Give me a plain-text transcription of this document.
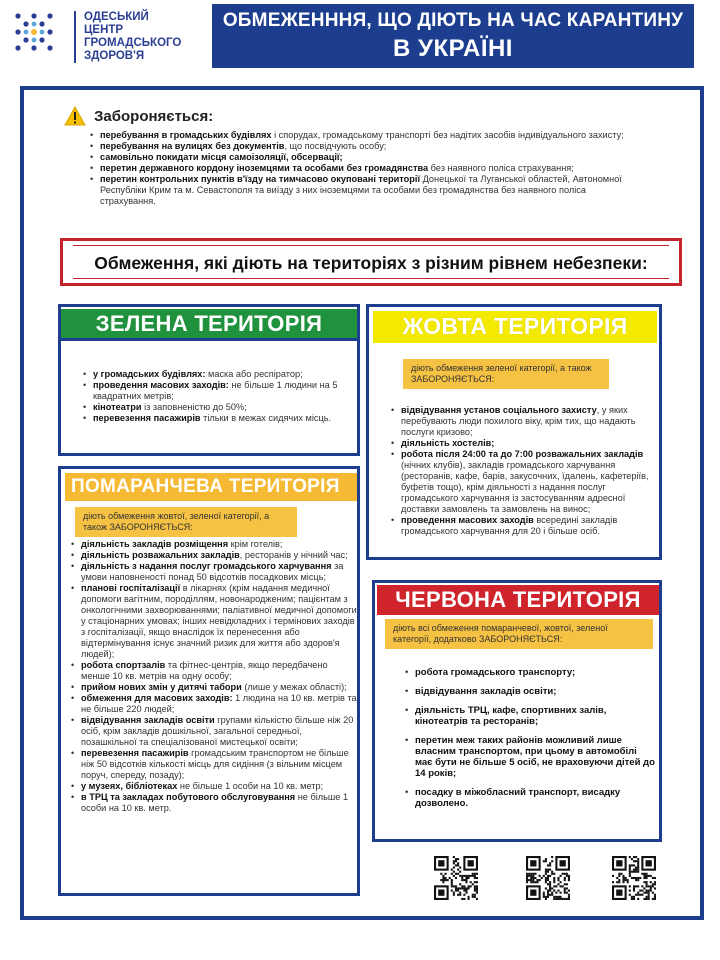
ОДЕСЬКИЙ
ЦЕНТР ГРОМАДСЬКОГО
ЗДОРОВ'Я
ОБМЕЖЕНННЯ, ЩО ДІЮТЬ НА ЧАС КАРАНТИНУ
В УКРАЇНІ
Забороняється:
• перебування в громадських будівлях і спорудах, громадському транспорті без надітих засобів індивідуального захисту;
• перебування на вулицях без документів, що посвідчують особу;
• самовільно покидати місця самоізоляції, обсервації;
• перетин державного кордону іноземцями та особами без громадянства без наявного поліса страхування;
• перетин контрольних пунктів в'їзду на тимчасово окуповані території Донецької та Луганської областей, Автономної Республіки Крим та м. Севастополя та виїзду з них іноземцями та особами без громадянства без наявного поліса страхування.
Обмеження, які діють на територіях з різним рівнем небезпеки:
ЗЕЛЕНА ТЕРИТОРІЯ
• у громадських будівлях: маска або респіратор;
• проведення масових заходів: не більше 1 людини на 5 квадратних метрів;
• кінотеатри із заповненістю до 50%;
• перевезення пасажирів тільки в межах сидячих місць.
ЖОВТА ТЕРИТОРІЯ
діють обмеження зеленої категорії, а також ЗАБОРОНЯЄТЬСЯ:
• відвідування установ соціального захисту, у яких перебувають люди похилого віку, крім тих, що надають послуги кризово;
• діяльність хостелів;
• робота після 24:00 та до 7:00 розважальних закладів (нічних клубів), закладів громадського харчування (ресторанів, кафе, барів, закусочних, їдалень, кафетеріїв, буфетів тощо), крім діяльності з надання послуг громадського харчування із застосуванням адресної доставки замовлень та замовлень на винос;
• проведення масових заходів всередині закладів громадського харчування для 20 і більше осіб.
ПОМАРАНЧЕВА ТЕРИТОРІЯ
діють обмеження жовтої, зеленої категорії, а також ЗАБОРОНЯЄТЬСЯ:
• діяльність закладів розміщення крім готелів;
• діяльність розважальних закладів, ресторанів у нічний час;
• діяльність з надання послуг громадського харчування за умови наповненості понад 50 відсотків посадкових місць;
• планові госпіталізації в лікарнях (крім надання медичної допомоги вагітним, породіллям, новонародженим; пацієнтам з онкологічними захворюваннями; паліативної медичної допомоги у стаціонарних умовах; інших невідкладних і термінових заходів з госпіталізації, якщо внаслідок їх перенесення або відтермінування існує значний ризик для життя або здоров'я людей);
• робота спортзалів та фітнес-центрів, якщо передбачено менше 10 кв. метрів на одну особу;
• прийом нових змін у дитячі табори (лише у межах області);
• обмеження для масових заходів: 1 людина на 10 кв. метрів та не більше 220 людей;
• відвідування закладів освіти групами кількістю більше ніж 20 осіб, крім закладів дошкільної, загальної середньої, позашкільної та спеціалізованої мистецької освіти;
• перевезення пасажирів громадським транспортом не більше ніж 50 відсотків кількості місць для сидіння (з вільним місцем поруч, спереду, позаду);
• у музеях, бібліотеках не більше 1 особи на 10 кв. метр;
• в ТРЦ та закладах побутового обслуговування не більше 1 особи на 10 кв. метр.
ЧЕРВОНА ТЕРИТОРІЯ
діють всі обмеження помаранчевої, жовтої, зеленої категорії, додатково ЗАБОРОНЯЄТЬСЯ:
• робота громадського транспорту;
• відвідування закладів освіти;
• діяльність ТРЦ, кафе, спортивних залів, кінотеатрів та ресторанів;
• перетин меж таких районів можливий лише власним транспортом, при цьому в автомобілі має бути не більше 5 осіб, не враховуючи дітей до 14 років;
• посадку в міжобласний транспорт, висадку дозволено.
